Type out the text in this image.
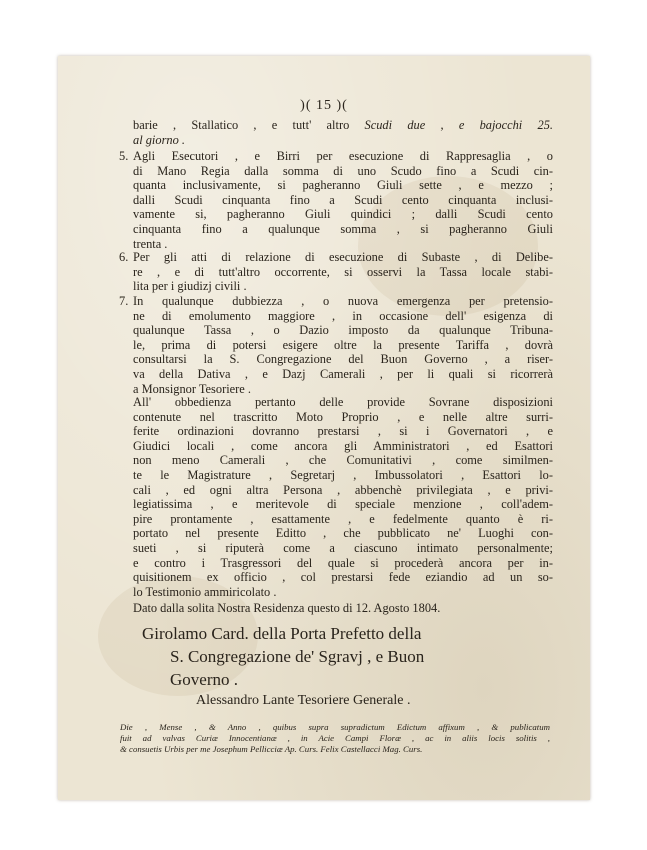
)( 15 )(
barie , Stallatico , e tutt' altro Scudi due , e bajocchi 25.
al giorno .
5. Agli Esecutori , e Birri per esecuzione di Rappresaglia , o
di Mano Regia dalla somma di uno Scudo fino a Scudi cin-
quanta inclusivamente, si pagheranno Giuli sette , e mezzo ;
dalli Scudi cinquanta fino a Scudi cento cinquanta inclusi-
vamente si, pagheranno Giuli quindici ; dalli Scudi cento
cinquanta fino a qualunque somma , si pagheranno Giuli
trenta .
6. Per gli atti di relazione di esecuzione di Subaste , di Delibe-
re , e di tutt'altro occorrente, si osservi la Tassa locale stabi-
lita per i giudizj civili .
7. In qualunque dubbiezza , o nuova emergenza per pretensio-
ne di emolumento maggiore , in occasione dell' esigenza di
qualunque Tassa , o Dazio imposto da qualunque Tribuna-
le, prima di potersi esigere oltre la presente Tariffa , dovrà
consultarsi la S. Congregazione del Buon Governo , a riser-
va della Dativa , e Dazj Camerali , per li quali si ricorrerà
a Monsignor Tesoriere .
All' obbedienza pertanto delle provide Sovrane disposizioni
contenute nel trascritto Moto Proprio , e nelle altre surri-
ferite ordinazioni dovranno prestarsi , si i Governatori , e
Giudici locali , come ancora gli Amministratori , ed Esattori
non meno Camerali , che Comunitativi , come similmen-
te le Magistrature , Segretarj , Imbussolatori , Esattori lo-
cali , ed ogni altra Persona , abbenchè privilegiata , e privi-
legiatissima , e meritevole di speciale menzione , coll'adem-
pire prontamente , esattamente , e fedelmente quanto è ri-
portato nel presente Editto , che pubblicato ne' Luoghi con-
sueti , si riputerà come a ciascuno intimato personalmente;
e contro i Trasgressori del quale si procederà ancora per in-
quisitionem ex officio , col prestarsi fede eziandio ad un so-
lo Testimonio ammiricolato .
Dato dalla solita Nostra Residenza questo di 12. Agosto 1804.
Girolamo Card. della Porta Prefetto della
S. Congregazione de' Sgravj , e Buon
Governo .
Alessandro Lante Tesoriere Generale .
Die , Mense , & Anno , quibus supra supradictum Edictum affixum , & publicatum
fuit ad valvas Curiæ Innocentianæ , in Acie Campi Floræ , ac in aliis locis solitis ,
& consuetis Urbis per me Josephum Pellicciæ Ap. Curs. Felix Castellacci Mag. Curs.
